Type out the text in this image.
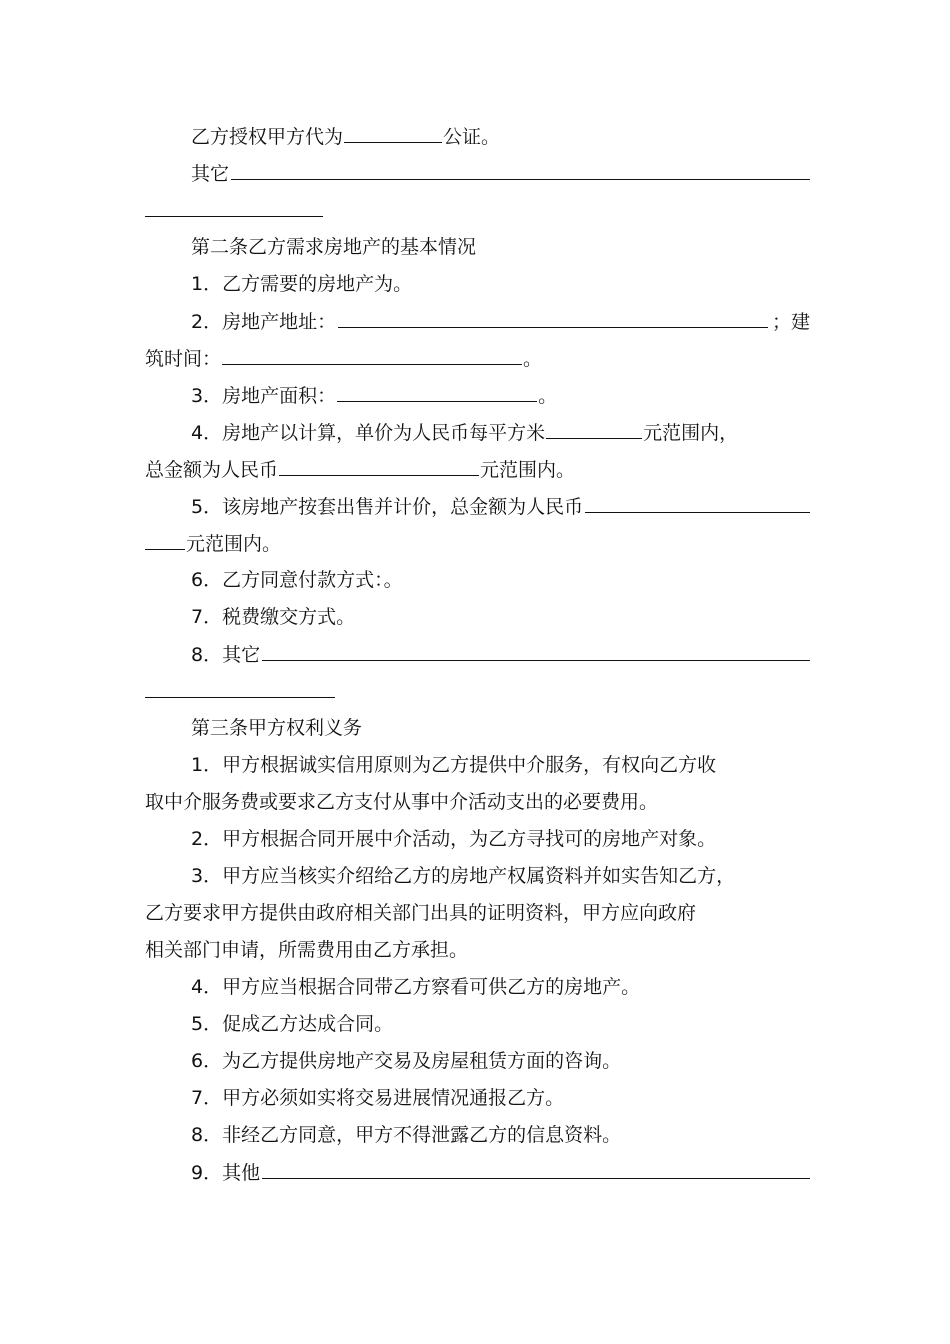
乙方授权甲方代为	公证。
其它
第二条乙方需求房地产的基本情况
1．乙方需要的房地产为。
2．房地产地址：	；建
筑时间：	。
3．房地产面积：	。
4．房地产以计算，单价为人民币每平方米	元范围内，
总金额为人民币	元范围内。
5．该房地产按套出售并计价，总金额为人民币
元范围内。
6．乙方同意付款方式：。
7．税费缴交方式。
8．其它
第三条甲方权利义务
1．甲方根据诚实信用原则为乙方提供中介服务，有权向乙方收
取中介服务费或要求乙方支付从事中介活动支出的必要费用。
2．甲方根据合同开展中介活动，为乙方寻找可的房地产对象。
3．甲方应当核实介绍给乙方的房地产权属资料并如实告知乙方，
乙方要求甲方提供由政府相关部门出具的证明资料，甲方应向政府
相关部门申请，所需费用由乙方承担。
4．甲方应当根据合同带乙方察看可供乙方的房地产。
5．促成乙方达成合同。
6．为乙方提供房地产交易及房屋租赁方面的咨询。
7．甲方必须如实将交易进展情况通报乙方。
8．非经乙方同意，甲方不得泄露乙方的信息资料。
9．其他
